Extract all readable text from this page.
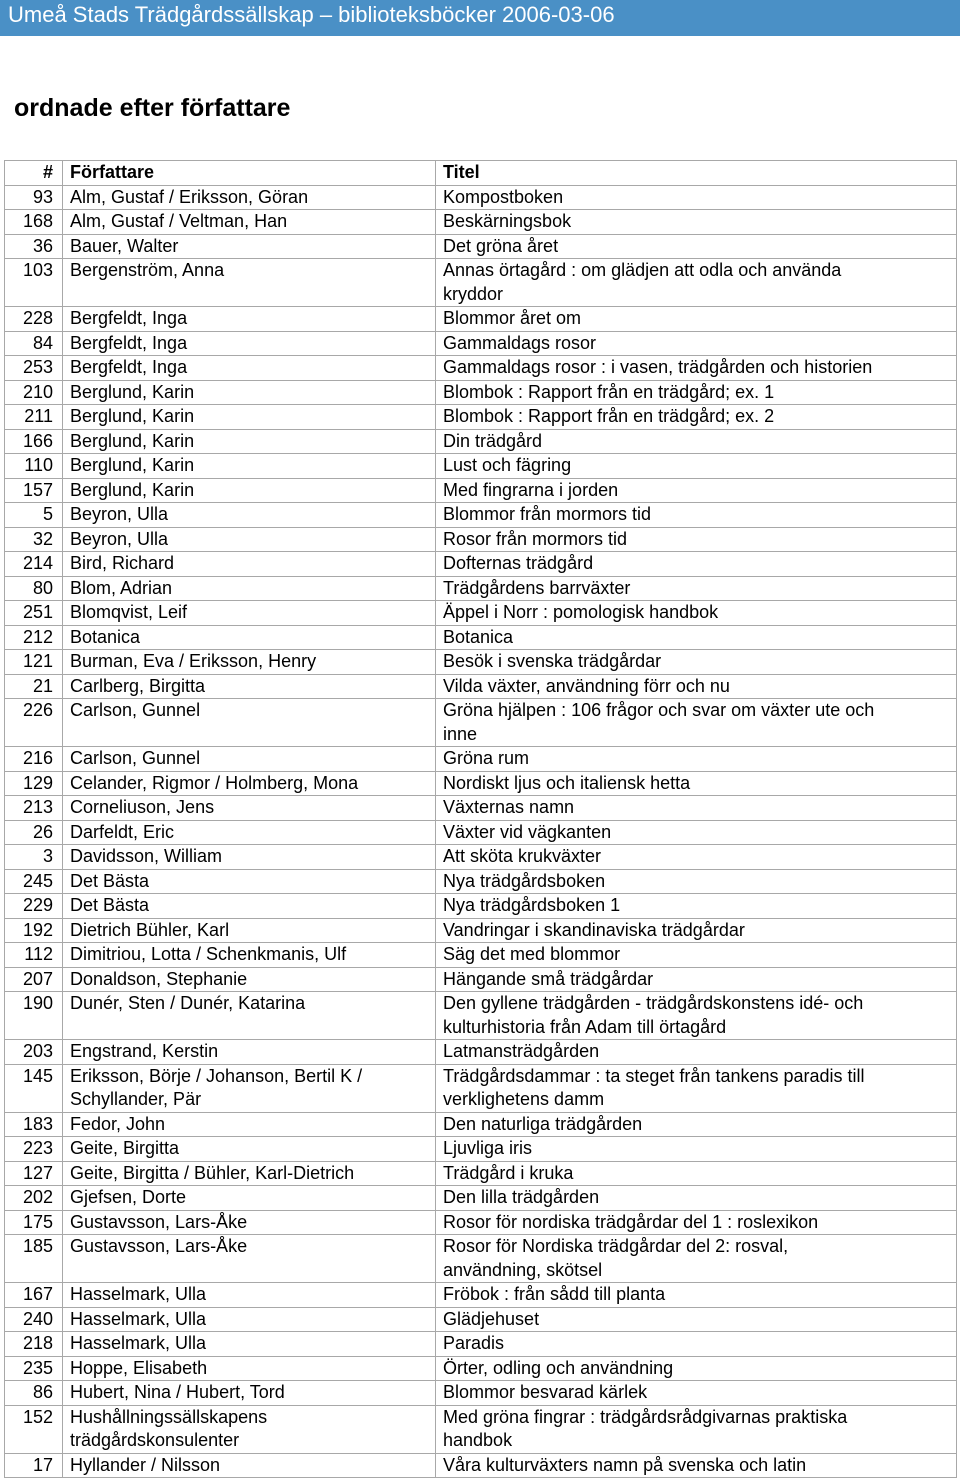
Umeå Stads Trädgårdssällskap – biblioteksböcker 2006-03-06
ordnade efter författare
#	Författare	Titel
93	Alm, Gustaf / Eriksson, Göran	Kompostboken
168	Alm, Gustaf / Veltman, Han	Beskärningsbok
36	Bauer, Walter	Det gröna året
103	Bergenström, Anna	Annas örtagård : om glädjen att odla och använda
kryddor
228	Bergfeldt, Inga	Blommor året om
84	Bergfeldt, Inga	Gammaldags rosor
253	Bergfeldt, Inga	Gammaldags rosor : i vasen, trädgården och historien
210	Berglund, Karin	Blombok : Rapport från en trädgård; ex. 1
211	Berglund, Karin	Blombok : Rapport från en trädgård; ex. 2
166	Berglund, Karin	Din trädgård
110	Berglund, Karin	Lust och fägring
157	Berglund, Karin	Med fingrarna i jorden
5	Beyron, Ulla	Blommor från mormors tid
32	Beyron, Ulla	Rosor från mormors tid
214	Bird, Richard	Dofternas trädgård
80	Blom, Adrian	Trädgårdens barrväxter
251	Blomqvist, Leif	Äppel i Norr : pomologisk handbok
212	Botanica	Botanica
121	Burman, Eva / Eriksson, Henry	Besök i svenska trädgårdar
21	Carlberg, Birgitta	Vilda växter, användning förr och nu
226	Carlson, Gunnel	Gröna hjälpen : 106 frågor och svar om växter ute och
inne
216	Carlson, Gunnel	Gröna rum
129	Celander, Rigmor / Holmberg, Mona	Nordiskt ljus och italiensk hetta
213	Corneliuson, Jens	Växternas namn
26	Darfeldt, Eric	Växter vid vägkanten
3	Davidsson, William	Att sköta krukväxter
245	Det Bästa	Nya trädgårdsboken
229	Det Bästa	Nya trädgårdsboken 1
192	Dietrich Bühler, Karl	Vandringar i skandinaviska trädgårdar
112	Dimitriou, Lotta / Schenkmanis, Ulf	Säg det med blommor
207	Donaldson, Stephanie	Hängande små trädgårdar
190	Dunér, Sten / Dunér, Katarina	Den gyllene trädgården - trädgårdskonstens idé- och
kulturhistoria från Adam till örtagård
203	Engstrand, Kerstin	Latmansträdgården
145	Eriksson, Börje / Johanson, Bertil K /
Schyllander, Pär	Trädgårdsdammar : ta steget från tankens paradis till
verklighetens damm
183	Fedor, John	Den naturliga trädgården
223	Geite, Birgitta	Ljuvliga iris
127	Geite, Birgitta / Bühler, Karl-Dietrich	Trädgård i kruka
202	Gjefsen, Dorte	Den lilla trädgården
175	Gustavsson, Lars-Åke	Rosor för nordiska trädgårdar del 1 : roslexikon
185	Gustavsson, Lars-Åke	Rosor för Nordiska trädgårdar del 2: rosval,
användning, skötsel
167	Hasselmark, Ulla	Fröbok : från sådd till planta
240	Hasselmark, Ulla	Glädjehuset
218	Hasselmark, Ulla	Paradis
235	Hoppe, Elisabeth	Örter, odling och användning
86	Hubert, Nina / Hubert, Tord	Blommor besvarad kärlek
152	Hushållningssällskapens
trädgårdskonsulenter	Med gröna fingrar : trädgårdsrådgivarnas praktiska
handbok
17	Hyllander / Nilsson	Våra kulturväxters namn på svenska och latin
